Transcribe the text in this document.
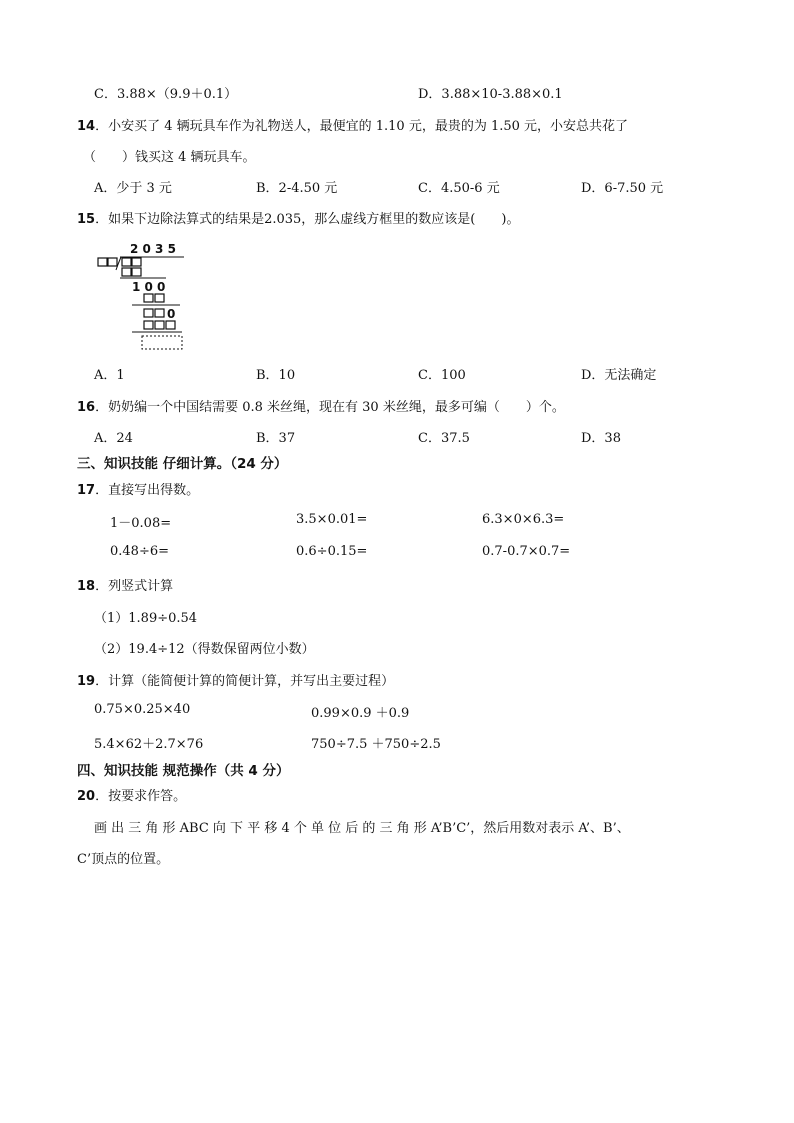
C．3.88×（9.9＋0.1）	D．3.88×10-3.88×0.1
14．小安买了 4 辆玩具车作为礼物送人，最便宜的 1.10 元，最贵的为 1.50 元，小安总共花了
（　　）钱买这 4 辆玩具车。
A．少于 3 元	B．2-4.50 元	C．4.50-6 元	D．6-7.50 元
15．如果下边除法算式的结果是2.035，那么虚线方框里的数应该是(　　)。
2 0 3 5
1 0 0
0
A．1	B．10	C．100	D．无法确定
16．奶奶编一个中国结需要 0.8 米丝绳，现在有 30 米丝绳，最多可编（　　）个。
A．24	B．37	C．37.5	D．38
三、知识技能 仔细计算。（24 分）
17．直接写出得数。
1－0.08=	3.5×0.01=	6.3×0×6.3=
0.48÷6=	0.6÷0.15=	0.7-0.7×0.7=
18．列竖式计算
（1）1.89÷0.54
（2）19.4÷12（得数保留两位小数）
19．计算（能简便计算的简便计算，并写出主要过程）
0.75×0.25×40	0.99×0.9 ＋0.9
5.4×62＋2.7×76	750÷7.5 ＋750÷2.5
四、知识技能 规范操作（共 4 分）
20．按要求作答。
画 出 三 角 形 ABC 向 下 平 移 4 个 单 位 后 的 三 角 形 A’B’C’，然后用数对表示 A’、B’、
C’顶点的位置。
